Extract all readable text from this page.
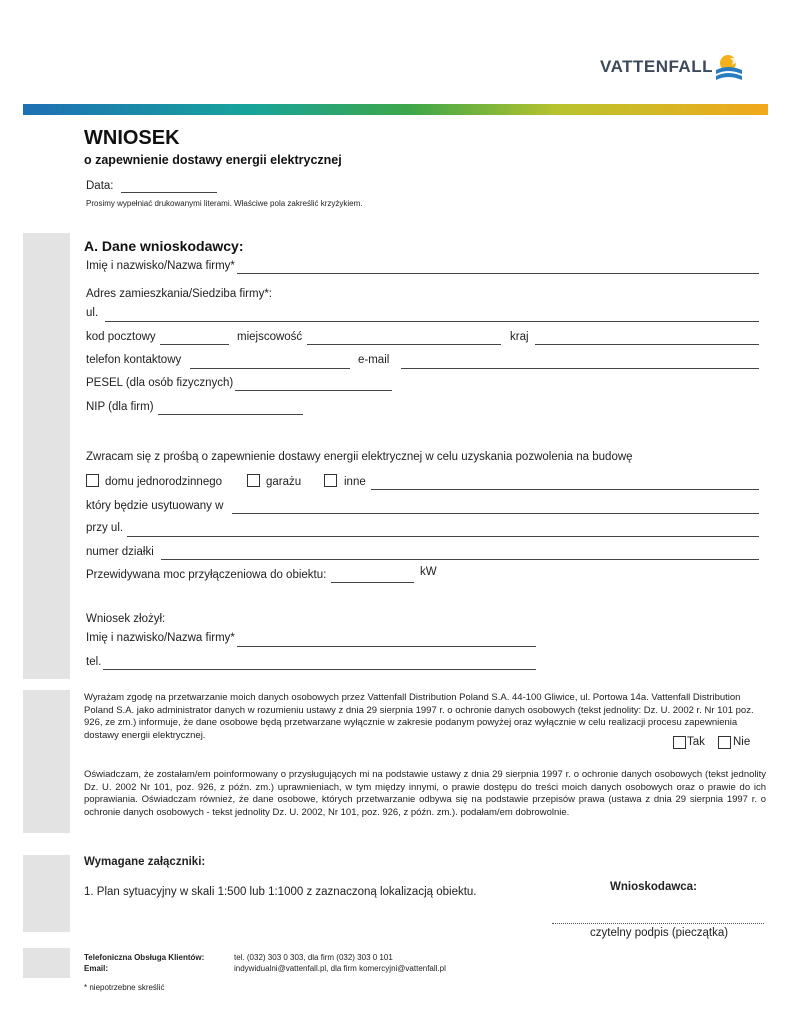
VATTENFALL
WNIOSEK
o zapewnienie dostawy energii elektrycznej
Data:
Prosimy wypełniać drukowanymi literami. Właściwe pola zakreślić krzyżykiem.
A. Dane wnioskodawcy:
Imię i nazwisko/Nazwa firmy*
Adres zamieszkania/Siedziba firmy*:
ul.
kod pocztowy	miejscowość	kraj
telefon kontaktowy	e-mail
PESEL (dla osób fizycznych)
NIP (dla firm)
Zwracam się z prośbą o zapewnienie dostawy energii elektrycznej w celu uzyskania pozwolenia na budowę
domu jednorodzinnego	garażu	inne
który będzie usytuowany w
przy ul.
numer działki
Przewidywana moc przyłączeniowa do obiektu:	kW
Wniosek złożył:
Imię i nazwisko/Nazwa firmy*
tel.
Wyrażam zgodę na przetwarzanie moich danych osobowych przez Vattenfall Distribution Poland S.A. 44-100 Gliwice, ul. Portowa 14a. Vattenfall Distribution Poland S.A. jako administrator danych w rozumieniu ustawy z dnia 29 sierpnia 1997 r. o ochronie danych osobowych (tekst jednolity: Dz. U. 2002 r. Nr 101 poz. 926, ze zm.) informuje, że dane osobowe będą przetwarzane wyłącznie w zakresie podanym powyżej oraz wyłącznie w celu realizacji procesu zapewnienia dostawy energii elektrycznej.
Tak Nie
Oświadczam, że zostałam/em poinformowany o przysługujących mi na podstawie ustawy z dnia 29 sierpnia 1997 r. o ochronie danych osobowych (tekst jednolity Dz. U. 2002 Nr 101, poz. 926, z późn. zm.) uprawnieniach, w tym między innymi, o prawie dostępu do treści moich danych osobowych oraz o prawie do ich poprawiania. Oświadczam również, że dane osobowe, których przetwarzanie odbywa się na podstawie przepisów prawa (ustawa z dnia 29 sierpnia 1997 r. o ochronie danych osobowych - tekst jednolity Dz. U. 2002, Nr 101, poz. 926, z późn. zm.). podałam/em dobrowolnie.
Wymagane załączniki:
1. Plan sytuacyjny w skali 1:500 lub 1:1000 z zaznaczoną lokalizacją obiektu.	Wnioskodawca:
czytelny podpis (pieczątka)
Telefoniczna Obsługa Klientów:	tel. (032) 303 0 303, dla firm (032) 303 0 101
Email:	indywidualni@vattenfall.pl, dla firm komercyjni@vattenfall.pl
* niepotrzebne skreślić
